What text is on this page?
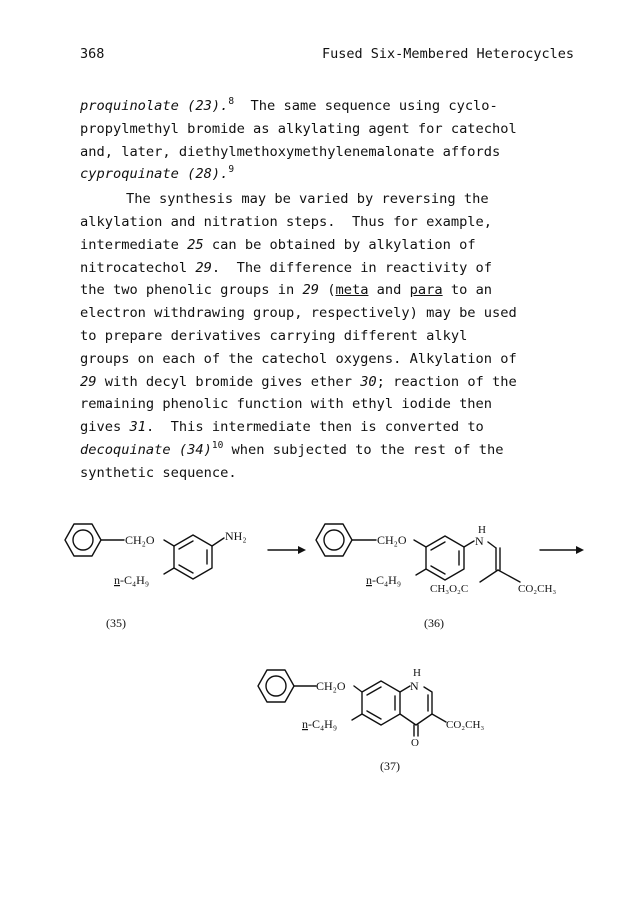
368	Fused Six-Membered Heterocycles
proquinolate (23).$^8$  The same sequence using cyclo-
propylmethyl bromide as alkylating agent for catechol
and, later, diethylmethoxymethylenemalonate affords
cyproquinate (28).$^9$
The synthesis may be varied by reversing the
alkylation and nitration steps.  Thus for example,
intermediate 25 can be obtained by alkylation of
nitrocatechol 29.  The difference in reactivity of
the two phenolic groups in 29 (meta and para to an
electron withdrawing group, respectively) may be used
to prepare derivatives carrying different alkyl
groups on each of the catechol oxygens. Alkylation of
29 with decyl bromide gives ether 30; reaction of the
remaining phenolic function with ethyl iodide then
gives 31.  This intermediate then is converted to
decoquinate $(34)^{10}$ when subjected to the rest of the
synthetic sequence.
CH₂O	NH₂
n-C₄H₉
(35)
CH₂O
H
N
n-C₄H₉
CH₃O₂C	CO₂CH₃
(36)
CH₂O
H
N
n-C₄H₉	CO₂CH₃
O
(37)
